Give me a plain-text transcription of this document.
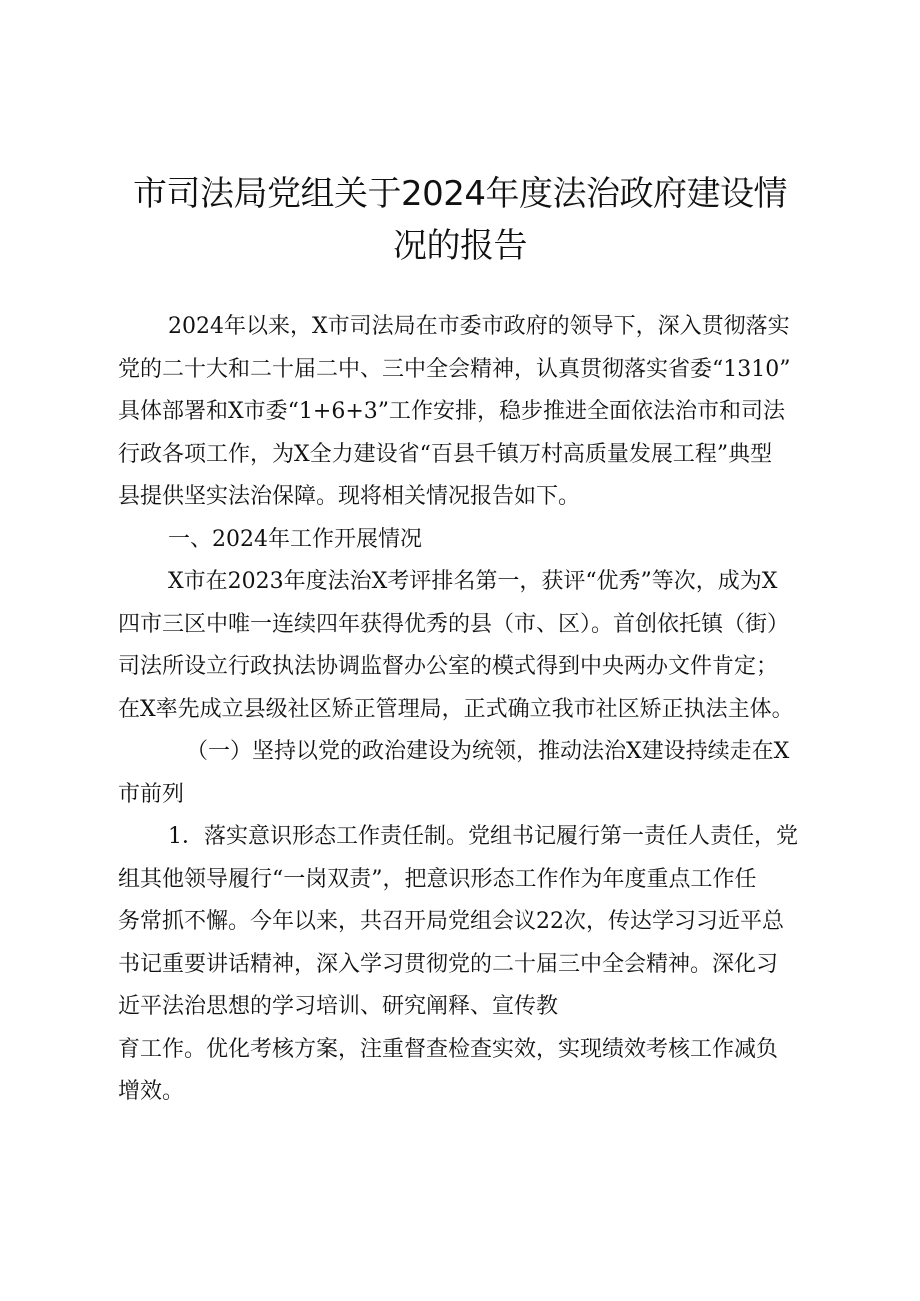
市司法局党组关于2024年度法治政府建设情
况的报告
2024年以来，X市司法局在市委市政府的领导下，深入贯彻落实
党的二十大和二十届二中、三中全会精神，认真贯彻落实省委“1310”
具体部署和X市委“1+6+3”工作安排，稳步推进全面依法治市和司法
行政各项工作，为X全力建设省“百县千镇万村高质量发展工程”典型
县提供坚实法治保障。现将相关情况报告如下。
一、2024年工作开展情况
X市在2023年度法治X考评排名第一，获评“优秀”等次，成为X
四市三区中唯一连续四年获得优秀的县（市、区）。首创依托镇（街）
司法所设立行政执法协调监督办公室的模式得到中央两办文件肯定；
在X率先成立县级社区矫正管理局，正式确立我市社区矫正执法主体。
（一）坚持以党的政治建设为统领，推动法治X建设持续走在X
市前列
1．落实意识形态工作责任制。党组书记履行第一责任人责任，党
组其他领导履行“一岗双责”，把意识形态工作作为年度重点工作任
务常抓不懈。今年以来，共召开局党组会议22次，传达学习习近平总
书记重要讲话精神，深入学习贯彻党的二十届三中全会精神。深化习
近平法治思想的学习培训、研究阐释、宣传教
育工作。优化考核方案，注重督查检查实效，实现绩效考核工作减负
增效。
